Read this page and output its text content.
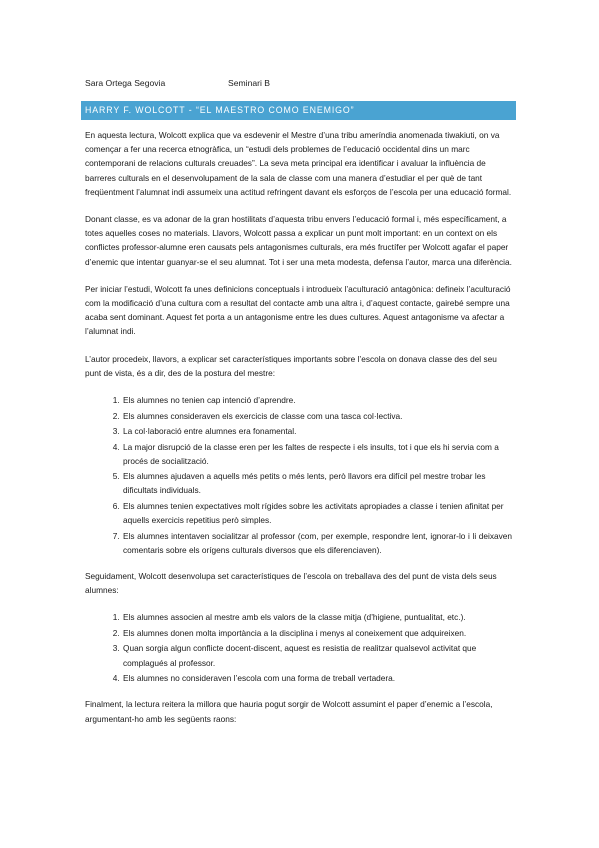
Sara Ortega Segovia	Seminari B
HARRY F. WOLCOTT - “EL MAESTRO COMO ENEMIGO”

En aquesta lectura, Wolcott explica que va esdevenir el Mestre d’una tribu ameríndia anomenada tiwakiuti, on va començar a fer una recerca etnogràfica, un “estudi dels problemes de l’educació occidental dins un marc contemporani de relacions culturals creuades”. La seva meta principal era identificar i avaluar la influència de barreres culturals en el desenvolupament de la sala de classe com una manera d’estudiar el per què de tant freqüentment l’alumnat indi assumeix una actitud refringent davant els esforços de l’escola per una educació formal.

Donant classe, es va adonar de la gran hostilitats d’aquesta tribu envers l’educació formal i, més específicament, a totes aquelles coses no materials. Llavors, Wolcott passa a explicar un punt molt important: en un context on els conflictes professor-alumne eren causats pels antagonismes culturals, era més fructífer per Wolcott agafar el paper d’enemic que intentar guanyar-se el seu alumnat. Tot i ser una meta modesta, defensa l’autor, marca una diferència.

Per iniciar l’estudi, Wolcott fa unes definicions conceptuals i introdueix l’aculturació antagònica: defineix l’aculturació com la modificació d’una cultura com a resultat del contacte amb una altra i, d’aquest contacte, gairebé sempre una acaba sent dominant. Aquest fet porta a un antagonisme entre les dues cultures. Aquest antagonisme va afectar a l’alumnat indi.

L’autor procedeix, llavors, a explicar set característiques importants sobre l’escola on donava classe des del seu punt de vista, és a dir, des de la postura del mestre:

1. Els alumnes no tenien cap intenció d’aprendre.
2. Els alumnes consideraven els exercicis de classe com una tasca col·lectiva.
3. La col·laboració entre alumnes era fonamental.
4. La major disrupció de la classe eren per les faltes de respecte i els insults, tot i que els hi servia com a procés de socialització.
5. Els alumnes ajudaven a aquells més petits o més lents, però llavors era difícil pel mestre trobar les dificultats individuals.
6. Els alumnes tenien expectatives molt rígides sobre les activitats apropiades a classe i tenien afinitat per aquells exercicis repetitius però simples.
7. Els alumnes intentaven socialitzar al professor (com, per exemple, respondre lent, ignorar-lo i li deixaven comentaris sobre els orígens culturals diversos que els diferenciaven).

Seguidament, Wolcott desenvolupa set característiques de l’escola on treballava des del punt de vista dels seus alumnes:

1. Els alumnes associen al mestre amb els valors de la classe mitja (d’higiene, puntualitat, etc.).
2. Els alumnes donen molta importància a la disciplina i menys al coneixement que adquireixen.
3. Quan sorgia algun conflicte docent-discent, aquest es resistia de realitzar qualsevol activitat que complagués al professor.
4. Els alumnes no consideraven l’escola com una forma de treball vertadera.

Finalment, la lectura reitera la millora que hauria pogut sorgir de Wolcott assumint el paper d’enemic a l’escola, argumentant-ho amb les següents raons:
